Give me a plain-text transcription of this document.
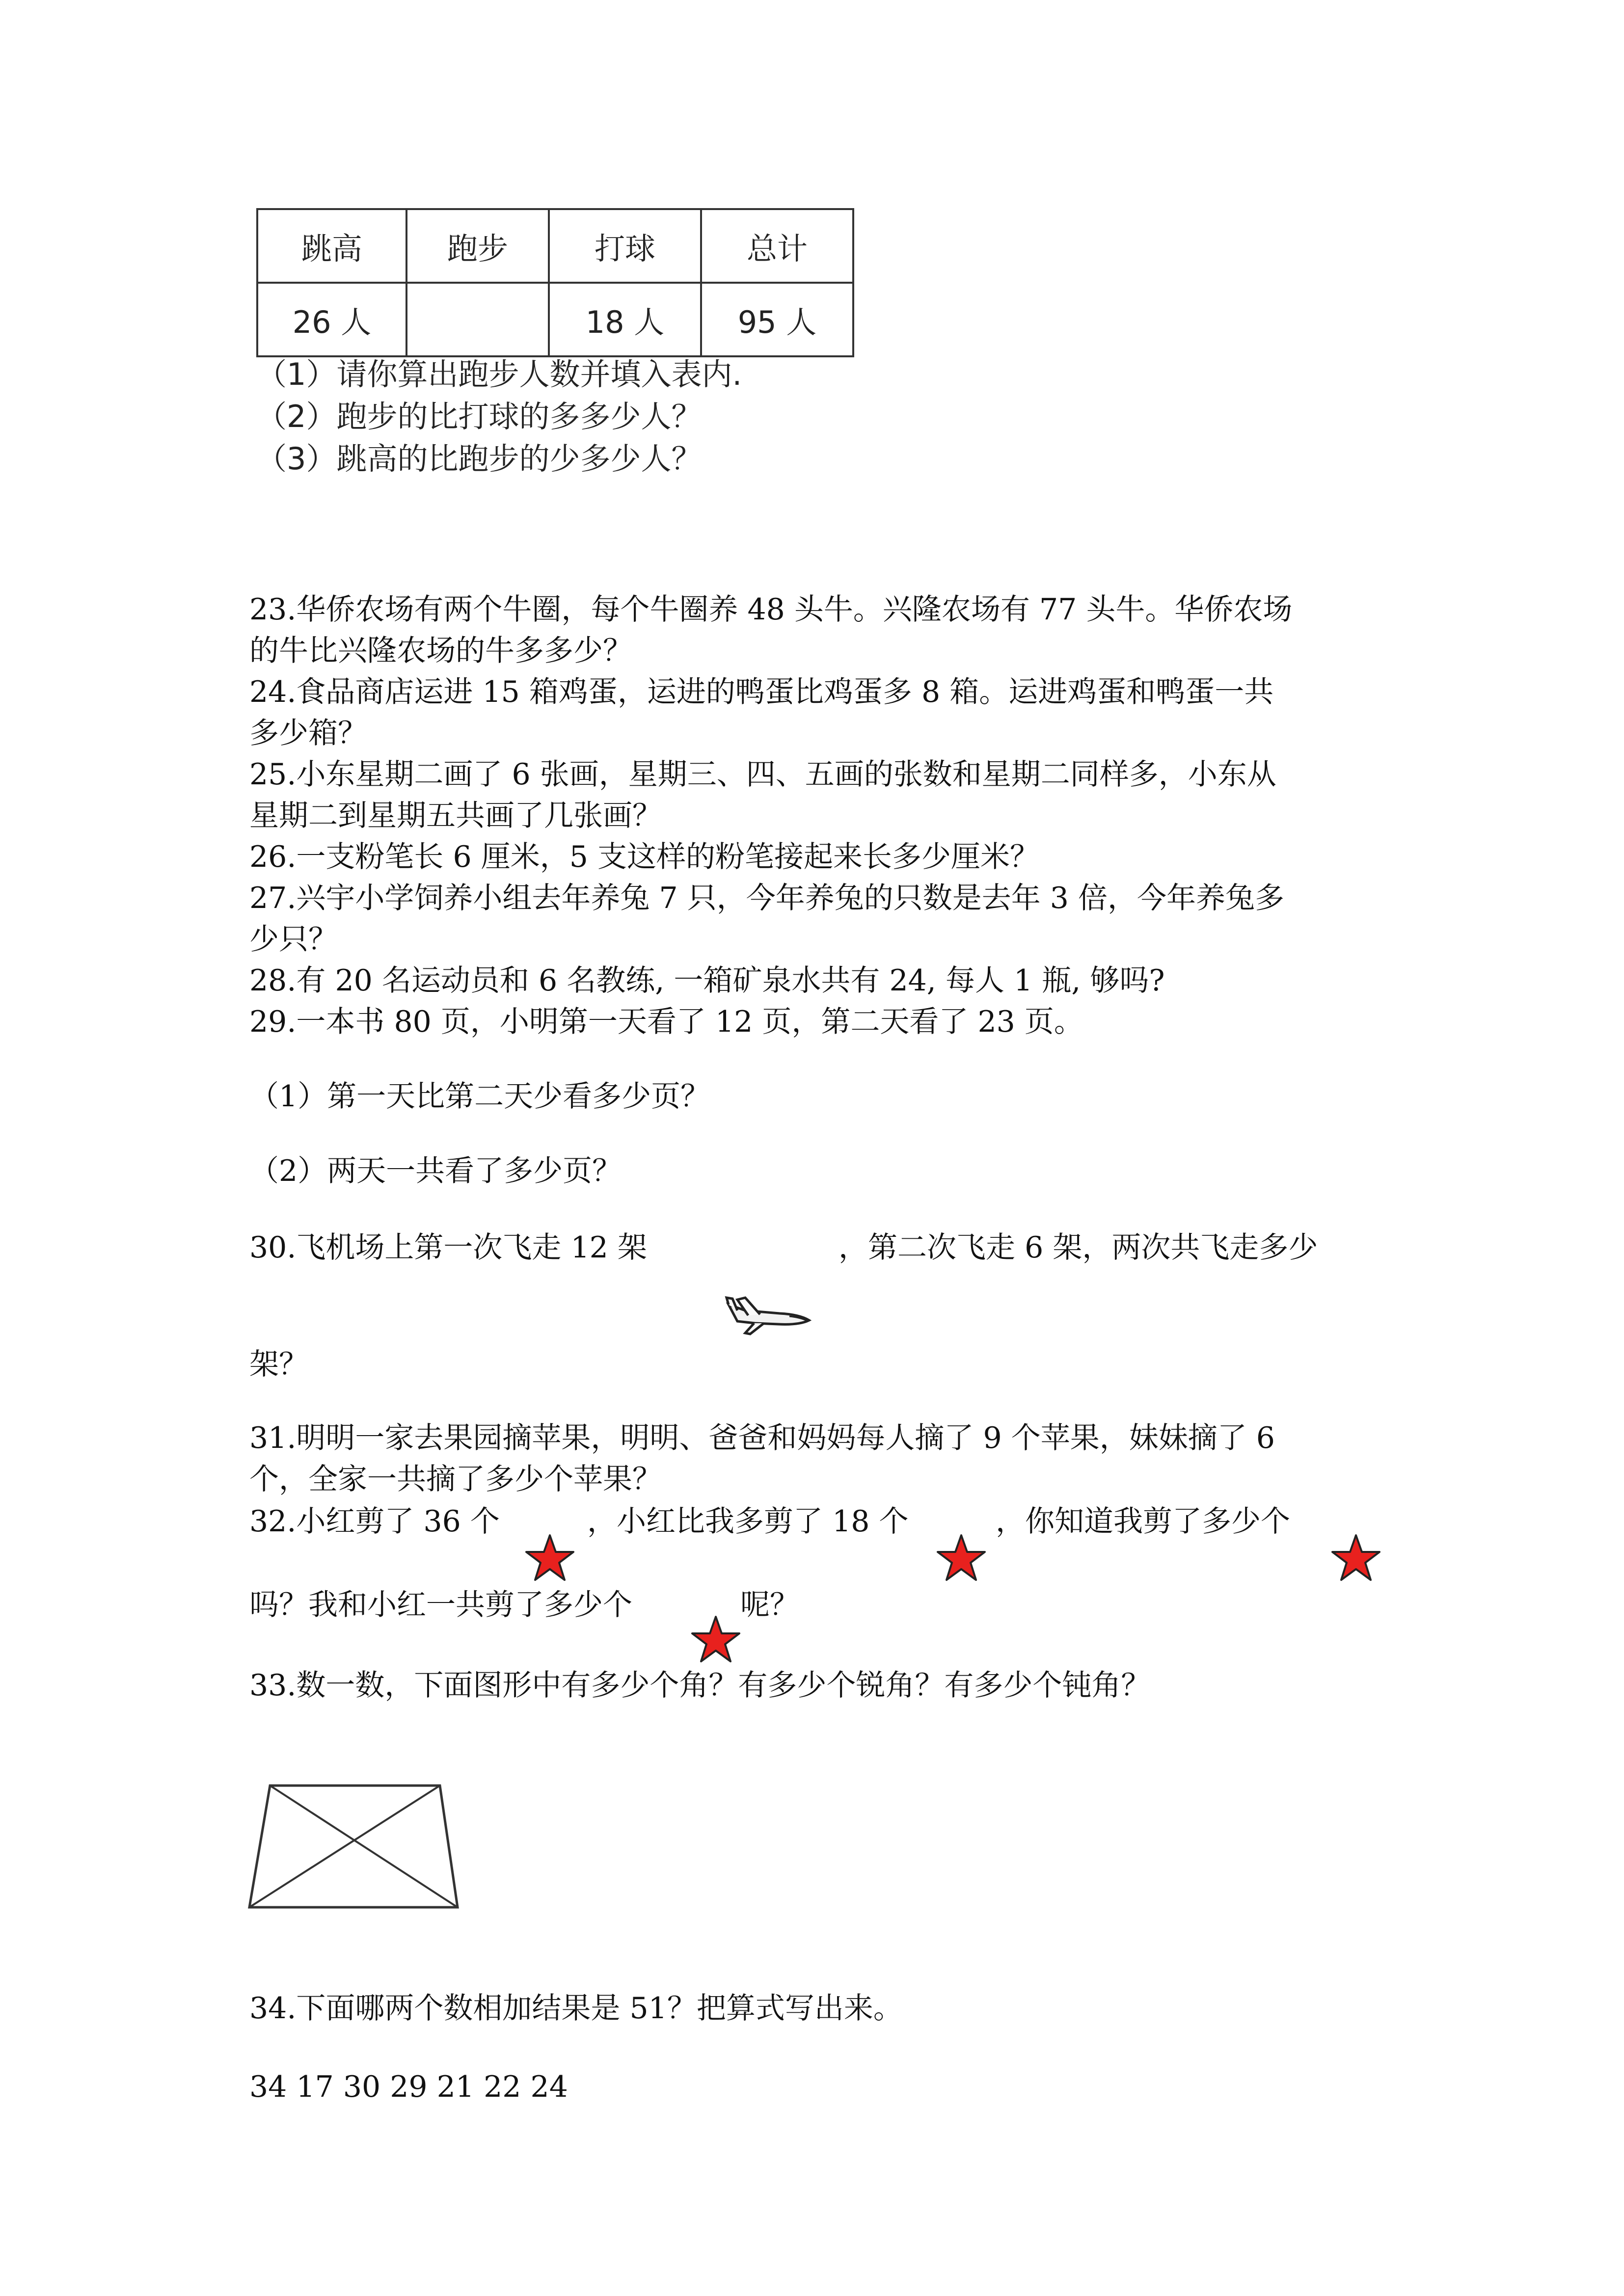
跳高	跑步	打球	总计
26 人		18 人	95 人
（1）请你算出跑步人数并填入表内.
（2）跑步的比打球的多多少人？
（3）跳高的比跑步的少多少人？
23.华侨农场有两个牛圈，每个牛圈养 48 头牛。兴隆农场有 77 头牛。华侨农场
的牛比兴隆农场的牛多多少？
24.食品商店运进 15 箱鸡蛋，运进的鸭蛋比鸡蛋多 8 箱。运进鸡蛋和鸭蛋一共
多少箱？
25.小东星期二画了 6 张画，星期三、四、五画的张数和星期二同样多，小东从
星期二到星期五共画了几张画？
26.一支粉笔长 6 厘米，5 支这样的粉笔接起来长多少厘米？
27.兴宇小学饲养小组去年养兔 7 只，今年养兔的只数是去年 3 倍，今年养兔多
少只？
28.有 20 名运动员和 6 名教练, 一箱矿泉水共有 24, 每人 1 瓶, 够吗?
29.一本书 80 页，小明第一天看了 12 页，第二天看了 23 页。
（1）第一天比第二天少看多少页？
（2）两天一共看了多少页？
30.飞机场上第一次飞走 12 架	，第二次飞走 6 架，两次共飞走多少
架？
31.明明一家去果园摘苹果，明明、爸爸和妈妈每人摘了 9 个苹果，妹妹摘了 6
个，全家一共摘了多少个苹果？
32.小红剪了 36 个	，小红比我多剪了 18 个	，你知道我剪了多少个
吗？我和小红一共剪了多少个	呢？
33.数一数，下面图形中有多少个角？有多少个锐角？有多少个钝角？
34.下面哪两个数相加结果是 51？把算式写出来。
34 17 30 29 21 22 24
